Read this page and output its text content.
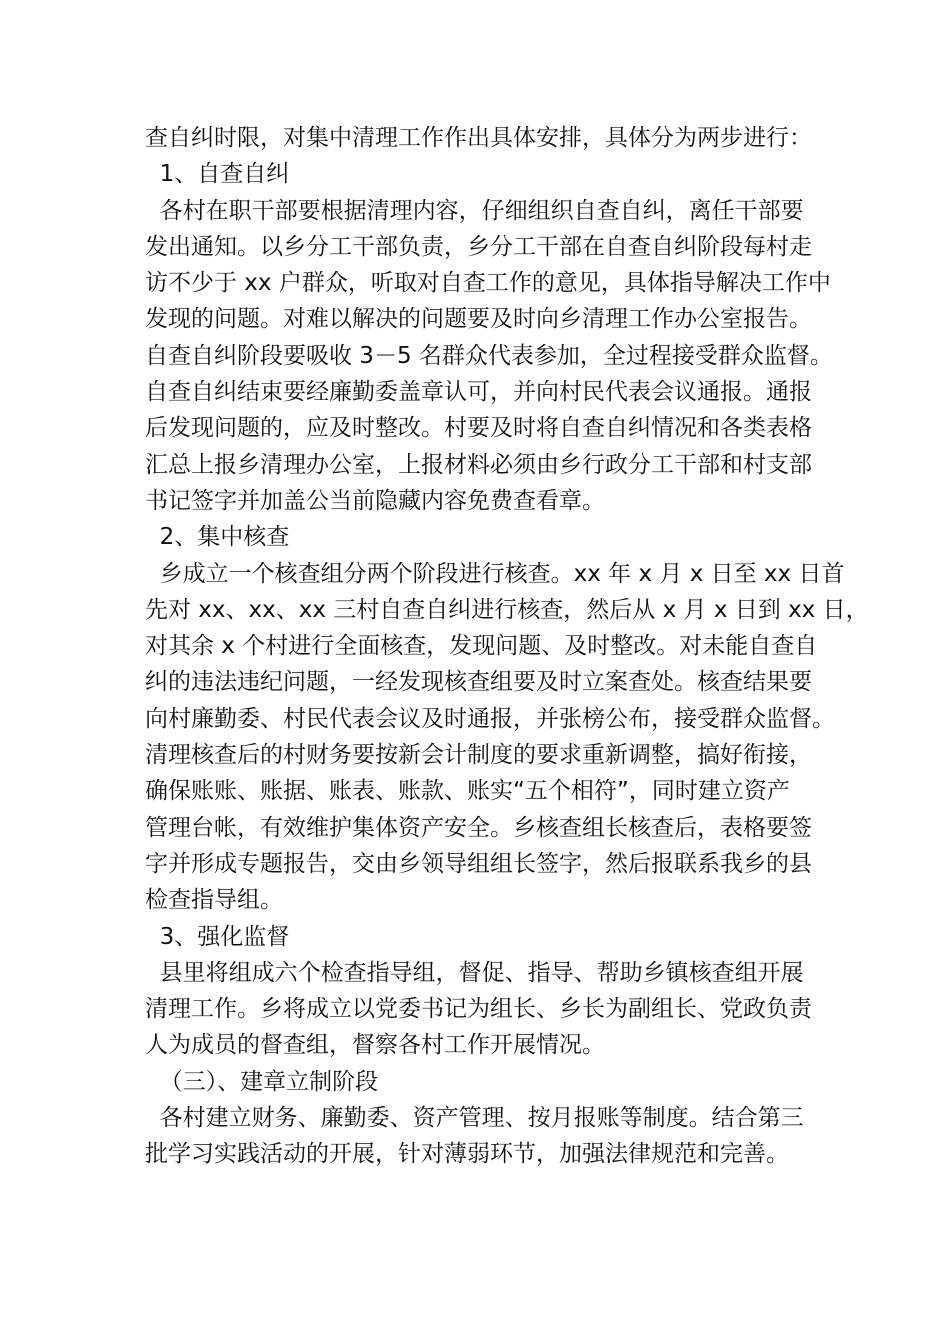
查自纠时限，对集中清理工作作出具体安排，具体分为两步进行：
1、自查自纠
各村在职干部要根据清理内容，仔细组织自查自纠，离任干部要
发出通知。以乡分工干部负责，乡分工干部在自查自纠阶段每村走
访不少于 xx 户群众，听取对自查工作的意见，具体指导解决工作中
发现的问题。对难以解决的问题要及时向乡清理工作办公室报告。
自查自纠阶段要吸收 3－5 名群众代表参加，全过程接受群众监督。
自查自纠结束要经廉勤委盖章认可，并向村民代表会议通报。通报
后发现问题的，应及时整改。村要及时将自查自纠情况和各类表格
汇总上报乡清理办公室，上报材料必须由乡行政分工干部和村支部
书记签字并加盖公当前隐藏内容免费查看章。
2、集中核查
乡成立一个核查组分两个阶段进行核查。xx 年 x 月 x 日至 xx 日首
先对 xx、xx、xx 三村自查自纠进行核查，然后从 x 月 x 日到 xx 日，
对其余 x 个村进行全面核查，发现问题、及时整改。对未能自查自
纠的违法违纪问题，一经发现核查组要及时立案查处。核查结果要
向村廉勤委、村民代表会议及时通报，并张榜公布，接受群众监督。
清理核查后的村财务要按新会计制度的要求重新调整，搞好衔接，
确保账账、账据、账表、账款、账实“五个相符”，同时建立资产
管理台帐，有效维护集体资产安全。乡核查组长核查后，表格要签
字并形成专题报告，交由乡领导组组长签字，然后报联系我乡的县
检查指导组。
3、强化监督
县里将组成六个检查指导组，督促、指导、帮助乡镇核查组开展
清理工作。乡将成立以党委书记为组长、乡长为副组长、党政负责
人为成员的督查组，督察各村工作开展情况。
（三）、建章立制阶段
各村建立财务、廉勤委、资产管理、按月报账等制度。结合第三
批学习实践活动的开展，针对薄弱环节，加强法律规范和完善。
